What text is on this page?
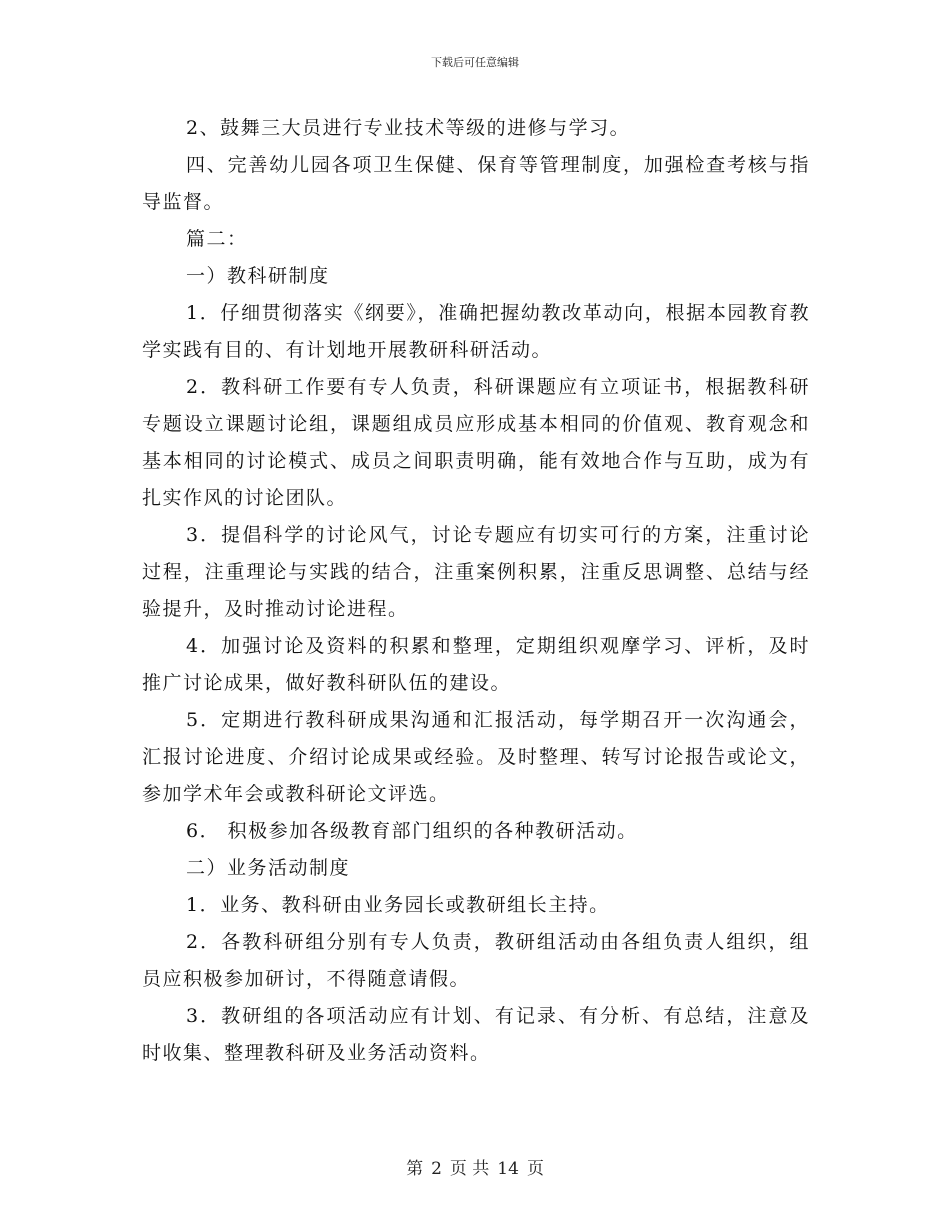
下载后可任意编辑

2、鼓舞三大员进行专业技术等级的进修与学习。

四、完善幼儿园各项卫生保健、保育等管理制度，加强检查考核与指导监督。

篇二：

一）教科研制度

1．仔细贯彻落实《纲要》，准确把握幼教改革动向，根据本园教育教学实践有目的、有计划地开展教研科研活动。

2．教科研工作要有专人负责，科研课题应有立项证书，根据教科研专题设立课题讨论组，课题组成员应形成基本相同的价值观、教育观念和基本相同的讨论模式、成员之间职责明确，能有效地合作与互助，成为有扎实作风的讨论团队。

3．提倡科学的讨论风气，讨论专题应有切实可行的方案，注重讨论过程，注重理论与实践的结合，注重案例积累，注重反思调整、总结与经验提升，及时推动讨论进程。

4．加强讨论及资料的积累和整理，定期组织观摩学习、评析，及时推广讨论成果，做好教科研队伍的建设。

5．定期进行教科研成果沟通和汇报活动，每学期召开一次沟通会，汇报讨论进度、介绍讨论成果或经验。及时整理、转写讨论报告或论文，参加学术年会或教科研论文评选。

6． 积极参加各级教育部门组织的各种教研活动。

二）业务活动制度

1．业务、教科研由业务园长或教研组长主持。

2．各教科研组分别有专人负责，教研组活动由各组负责人组织，组员应积极参加研讨，不得随意请假。

3．教研组的各项活动应有计划、有记录、有分析、有总结，注意及时收集、整理教科研及业务活动资料。

第 2 页 共 14 页
